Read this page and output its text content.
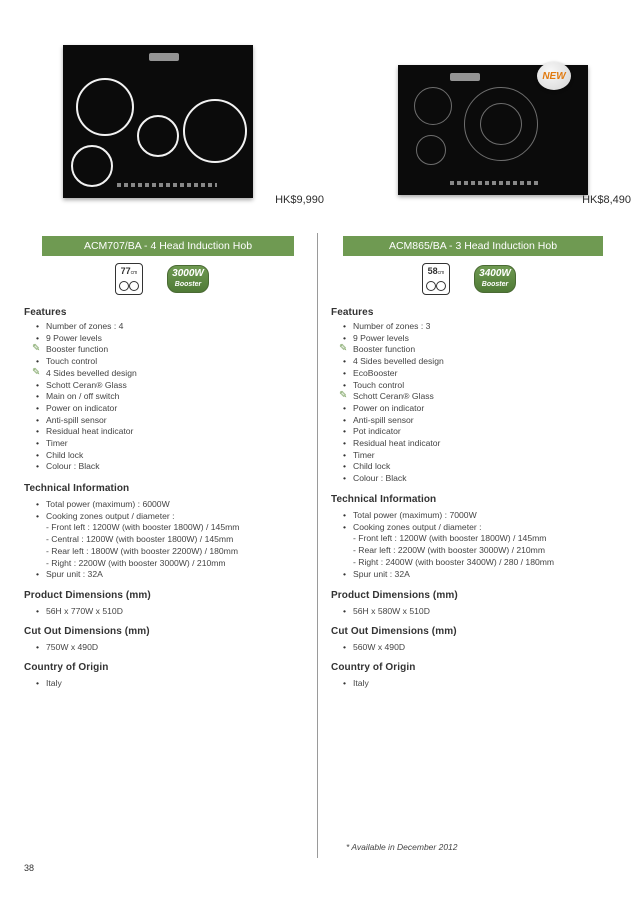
NEW
HK$9,990
ACM707/BA - 4 Head Induction Hob
77cm	3000W
Booster
Features
• Number of zones : 4
• 9 Power levels
✎ Booster function
• Touch control
✎ 4 Sides bevelled design
• Schott Ceran® Glass
• Main on / off switch
• Power on indicator
• Anti-spill sensor
• Residual heat indicator
• Timer
• Child lock
• Colour : Black
Technical Information
• Total power (maximum) : 6000W
• Cooking zones output / diameter :
- Front left : 1200W (with booster 1800W) / 145mm
- Central : 1200W (with booster 1800W) / 145mm
- Rear left : 1800W (with booster 2200W) / 180mm
- Right : 2200W (with booster 3000W) / 210mm
• Spur unit : 32A
Product Dimensions (mm)
• 56H x 770W x 510D
Cut Out Dimensions (mm)
• 750W x 490D
Country of Origin
• Italy
HK$8,490
ACM865/BA - 3 Head Induction Hob
58cm	3400W
Booster
Features
• Number of zones : 3
• 9 Power levels
✎ Booster function
• 4 Sides bevelled design
• EcoBooster
• Touch control
✎ Schott Ceran® Glass
• Power on indicator
• Anti-spill sensor
• Pot indicator
• Residual heat indicator
• Timer
• Child lock
• Colour : Black
Technical Information
• Total power (maximum) : 7000W
• Cooking zones output / diameter :
- Front left : 1200W (with booster 1800W) / 145mm
- Rear left : 2200W (with booster 3000W) / 210mm
- Right : 2400W (with booster 3400W) / 280 / 180mm
• Spur unit : 32A
Product Dimensions (mm)
• 56H x 580W x 510D
Cut Out Dimensions (mm)
• 560W x 490D
Country of Origin
• Italy
* Available in December 2012
38
